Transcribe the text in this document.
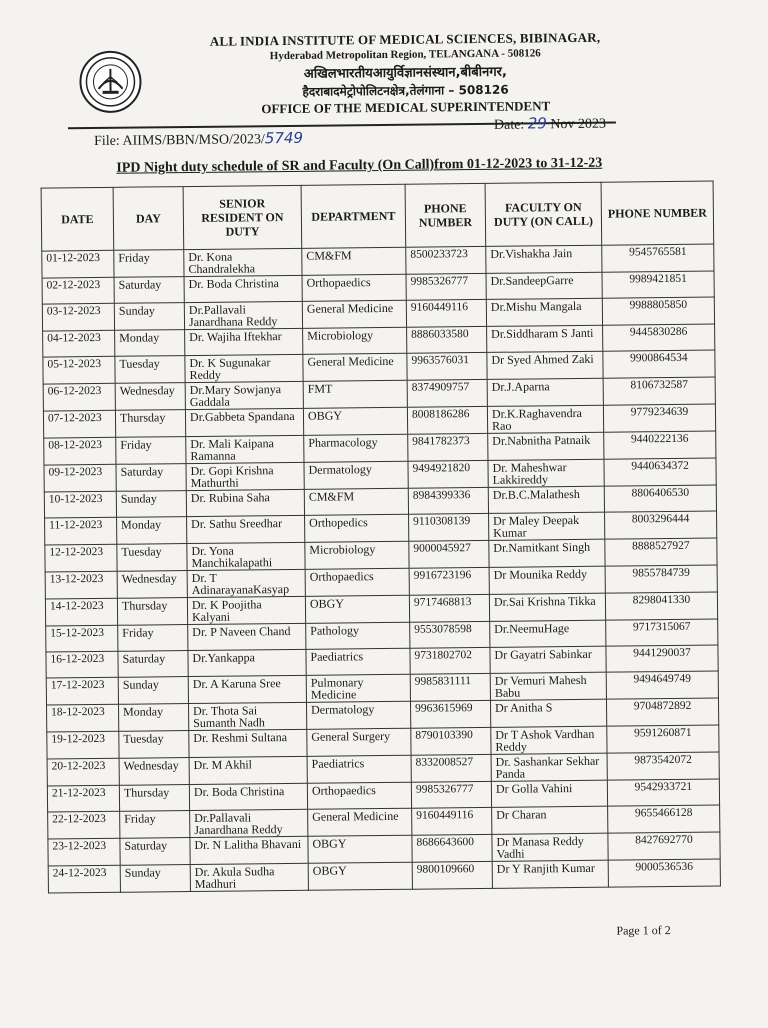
ALL INDIA INSTITUTE OF MEDICAL SCIENCES, BIBINAGAR,
Hyderabad Metropolitan Region, TELANGANA - 508126
अखिलभारतीयआयुर्विज्ञानसंस्थान,बीबीनगर,
हैदराबादमेट्रोपोलिटनक्षेत्र,तेलंगाना – 508126
OFFICE OF THE MEDICAL SUPERINTENDENT
Date: 29 Nov 2023
File: AIIMS/BBN/MSO/2023/5749
IPD Night duty schedule of SR and Faculty (On Call)from 01-12-2023 to 31-12-23
DATE	DAY	SENIOR RESIDENT ON DUTY	DEPARTMENT	PHONE NUMBER	FACULTY ON DUTY (ON CALL)	PHONE NUMBER
01-12-2023	Friday	Dr. Kona Chandralekha	CM&FM	8500233723	Dr.Vishakha Jain	9545765581
02-12-2023	Saturday	Dr. Boda Christina	Orthopaedics	9985326777	Dr.SandeepGarre	9989421851
03-12-2023	Sunday	Dr.Pallavali Janardhana Reddy	General Medicine	9160449116	Dr.Mishu Mangala	9988805850
04-12-2023	Monday	Dr. Wajiha Iftekhar	Microbiology	8886033580	Dr.Siddharam S Janti	9445830286
05-12-2023	Tuesday	Dr. K Sugunakar Reddy	General Medicine	9963576031	Dr Syed Ahmed Zaki	9900864534
06-12-2023	Wednesday	Dr.Mary Sowjanya Gaddala	FMT	8374909757	Dr.J.Aparna	8106732587
07-12-2023	Thursday	Dr.Gabbeta Spandana	OBGY	8008186286	Dr.K.Raghavendra Rao	9779234639
08-12-2023	Friday	Dr. Mali Kaipana Ramanna	Pharmacology	9841782373	Dr.Nabnitha Patnaik	9440222136
09-12-2023	Saturday	Dr. Gopi Krishna Mathurthi	Dermatology	9494921820	Dr. Maheshwar Lakkireddy	9440634372
10-12-2023	Sunday	Dr. Rubina Saha	CM&FM	8984399336	Dr.B.C.Malathesh	8806406530
11-12-2023	Monday	Dr. Sathu Sreedhar	Orthopedics	9110308139	Dr Maley Deepak Kumar	8003296444
12-12-2023	Tuesday	Dr. Yona Manchikalapathi	Microbiology	9000045927	Dr.Namitkant Singh	8888527927
13-12-2023	Wednesday	Dr. T AdinarayanaKasyap	Orthopaedics	9916723196	Dr Mounika Reddy	9855784739
14-12-2023	Thursday	Dr. K Poojitha Kalyani	OBGY	9717468813	Dr.Sai Krishna Tikka	8298041330
15-12-2023	Friday	Dr. P Naveen Chand	Pathology	9553078598	Dr.NeemuHage	9717315067
16-12-2023	Saturday	Dr.Yankappa	Paediatrics	9731802702	Dr Gayatri Sabinkar	9441290037
17-12-2023	Sunday	Dr. A Karuna Sree	Pulmonary Medicine	9985831111	Dr Vemuri Mahesh Babu	9494649749
18-12-2023	Monday	Dr. Thota Sai Sumanth Nadh	Dermatology	9963615969	Dr Anitha S	9704872892
19-12-2023	Tuesday	Dr. Reshmi Sultana	General Surgery	8790103390	Dr T Ashok Vardhan Reddy	9591260871
20-12-2023	Wednesday	Dr. M Akhil	Paediatrics	8332008527	Dr. Sashankar Sekhar Panda	9873542072
21-12-2023	Thursday	Dr. Boda Christina	Orthopaedics	9985326777	Dr Golla Vahini	9542933721
22-12-2023	Friday	Dr.Pallavali Janardhana Reddy	General Medicine	9160449116	Dr Charan	9655466128
23-12-2023	Saturday	Dr. N Lalitha Bhavani	OBGY	8686643600	Dr Manasa Reddy Vadhi	8427692770
24-12-2023	Sunday	Dr. Akula Sudha Madhuri	OBGY	9800109660	Dr Y Ranjith Kumar	9000536536
Page 1 of 2
